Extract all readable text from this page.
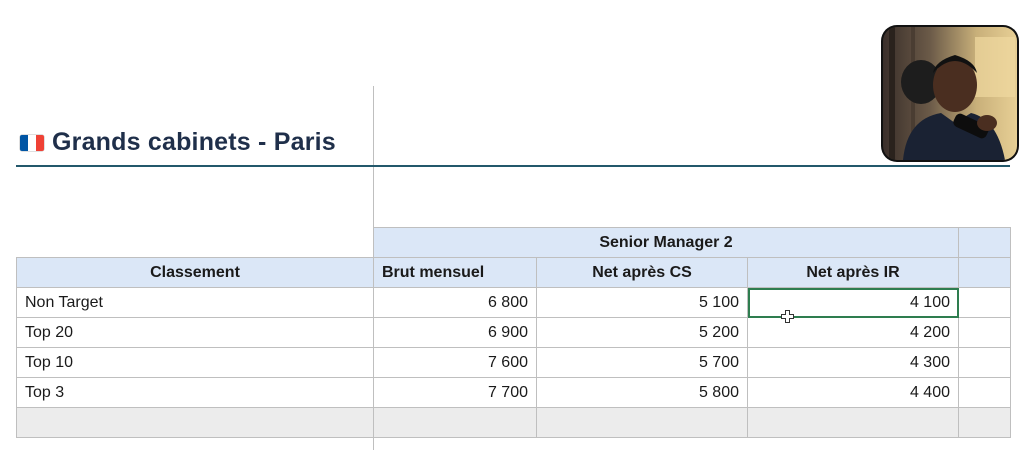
Grands cabinets - Paris
	Senior Manager 2			
Classement	Brut mensuel	Net après CS	Net après IR	
Non Target	6 800	5 100	4 100	
Top 20	6 900	5 200	4 200	
Top 10	7 600	5 700	4 300	
Top 3	7 700	5 800	4 400	
